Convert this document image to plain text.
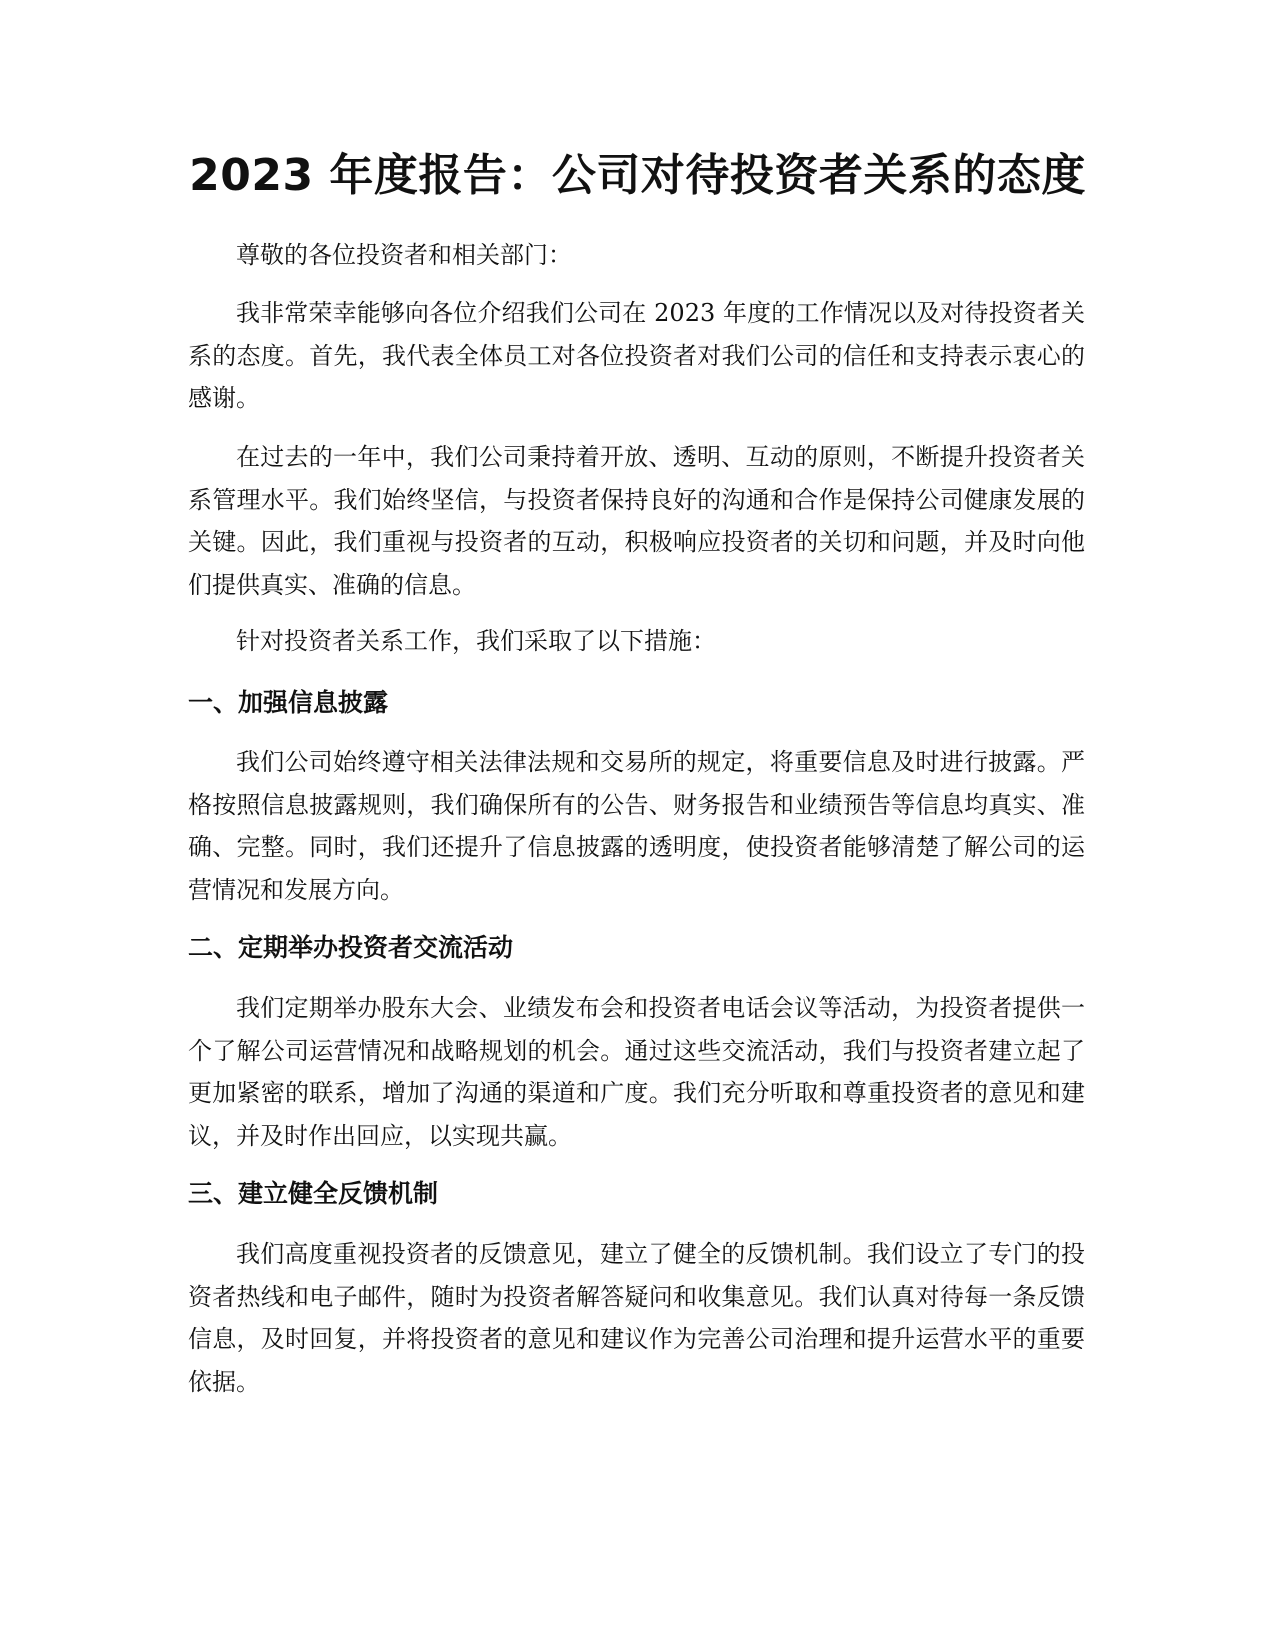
2023 年度报告：公司对待投资者关系的态度

尊敬的各位投资者和相关部门：

我非常荣幸能够向各位介绍我们公司在 2023 年度的工作情况以及对待投资者关系的态度。首先，我代表全体员工对各位投资者对我们公司的信任和支持表示衷心的感谢。

在过去的一年中，我们公司秉持着开放、透明、互动的原则，不断提升投资者关系管理水平。我们始终坚信，与投资者保持良好的沟通和合作是保持公司健康发展的关键。因此，我们重视与投资者的互动，积极响应投资者的关切和问题，并及时向他们提供真实、准确的信息。

针对投资者关系工作，我们采取了以下措施：

一、加强信息披露

我们公司始终遵守相关法律法规和交易所的规定，将重要信息及时进行披露。严格按照信息披露规则，我们确保所有的公告、财务报告和业绩预告等信息均真实、准确、完整。同时，我们还提升了信息披露的透明度，使投资者能够清楚了解公司的运营情况和发展方向。

二、定期举办投资者交流活动

我们定期举办股东大会、业绩发布会和投资者电话会议等活动，为投资者提供一个了解公司运营情况和战略规划的机会。通过这些交流活动，我们与投资者建立起了更加紧密的联系，增加了沟通的渠道和广度。我们充分听取和尊重投资者的意见和建议，并及时作出回应，以实现共赢。

三、建立健全反馈机制

我们高度重视投资者的反馈意见，建立了健全的反馈机制。我们设立了专门的投资者热线和电子邮件，随时为投资者解答疑问和收集意见。我们认真对待每一条反馈信息，及时回复，并将投资者的意见和建议作为完善公司治理和提升运营水平的重要依据。
